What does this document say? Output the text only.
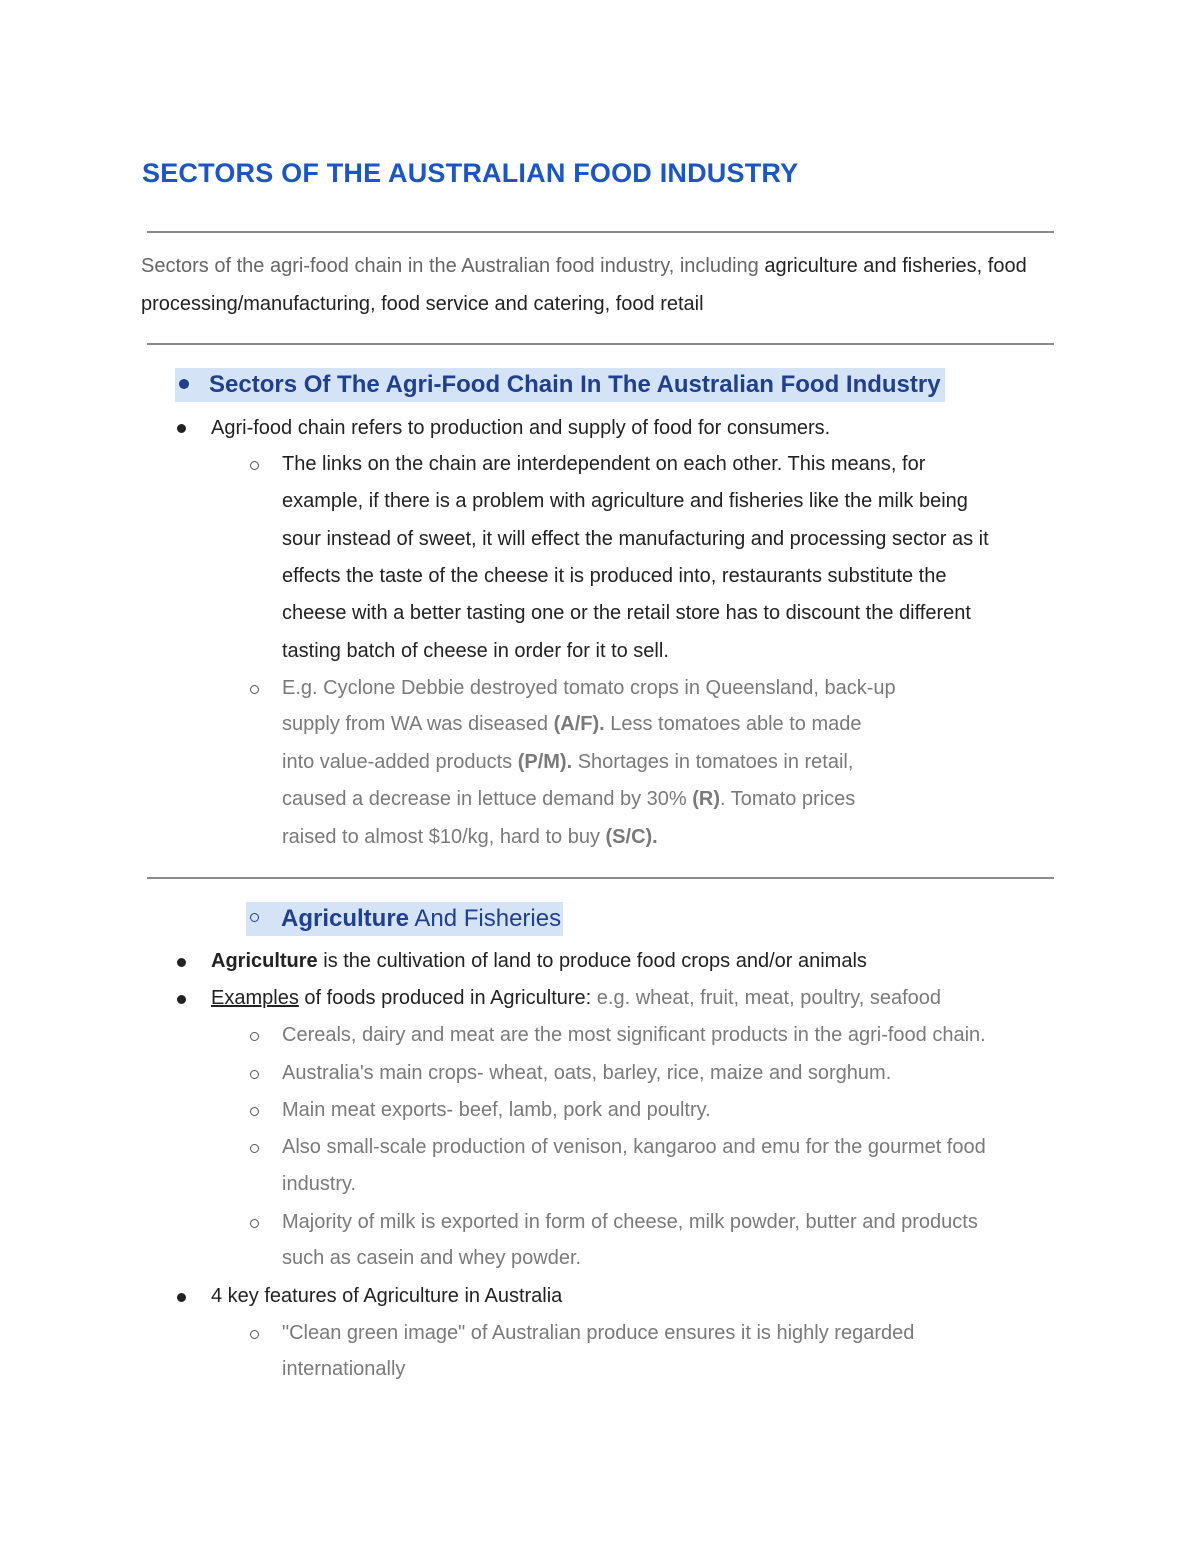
SECTORS OF THE AUSTRALIAN FOOD INDUSTRY
Sectors of the agri-food chain in the Australian food industry, including agriculture and fisheries, food processing/manufacturing, food service and catering, food retail
Sectors Of The Agri-Food Chain In The Australian Food Industry
Agri-food chain refers to production and supply of food for consumers.
The links on the chain are interdependent on each other. This means, for
example, if there is a problem with agriculture and fisheries like the milk being
sour instead of sweet, it will effect the manufacturing and processing sector as it
effects the taste of the cheese it is produced into, restaurants substitute the
cheese with a better tasting one or the retail store has to discount the different
tasting batch of cheese in order for it to sell.
E.g. Cyclone Debbie destroyed tomato crops in Queensland, back-up
supply from WA was diseased (A/F). Less tomatoes able to made
into value-added products (P/M). Shortages in tomatoes in retail,
caused a decrease in lettuce demand by 30% (R). Tomato prices
raised to almost $10/kg, hard to buy (S/C).
Agriculture And Fisheries
Agriculture is the cultivation of land to produce food crops and/or animals
Examples of foods produced in Agriculture: e.g. wheat, fruit, meat, poultry, seafood
Cereals, dairy and meat are the most significant products in the agri-food chain.
Australia's main crops- wheat, oats, barley, rice, maize and sorghum.
Main meat exports- beef, lamb, pork and poultry.
Also small-scale production of venison, kangaroo and emu for the gourmet food
industry.
Majority of milk is exported in form of cheese, milk powder, butter and products
such as casein and whey powder.
4 key features of Agriculture in Australia
"Clean green image" of Australian produce ensures it is highly regarded
internationally
